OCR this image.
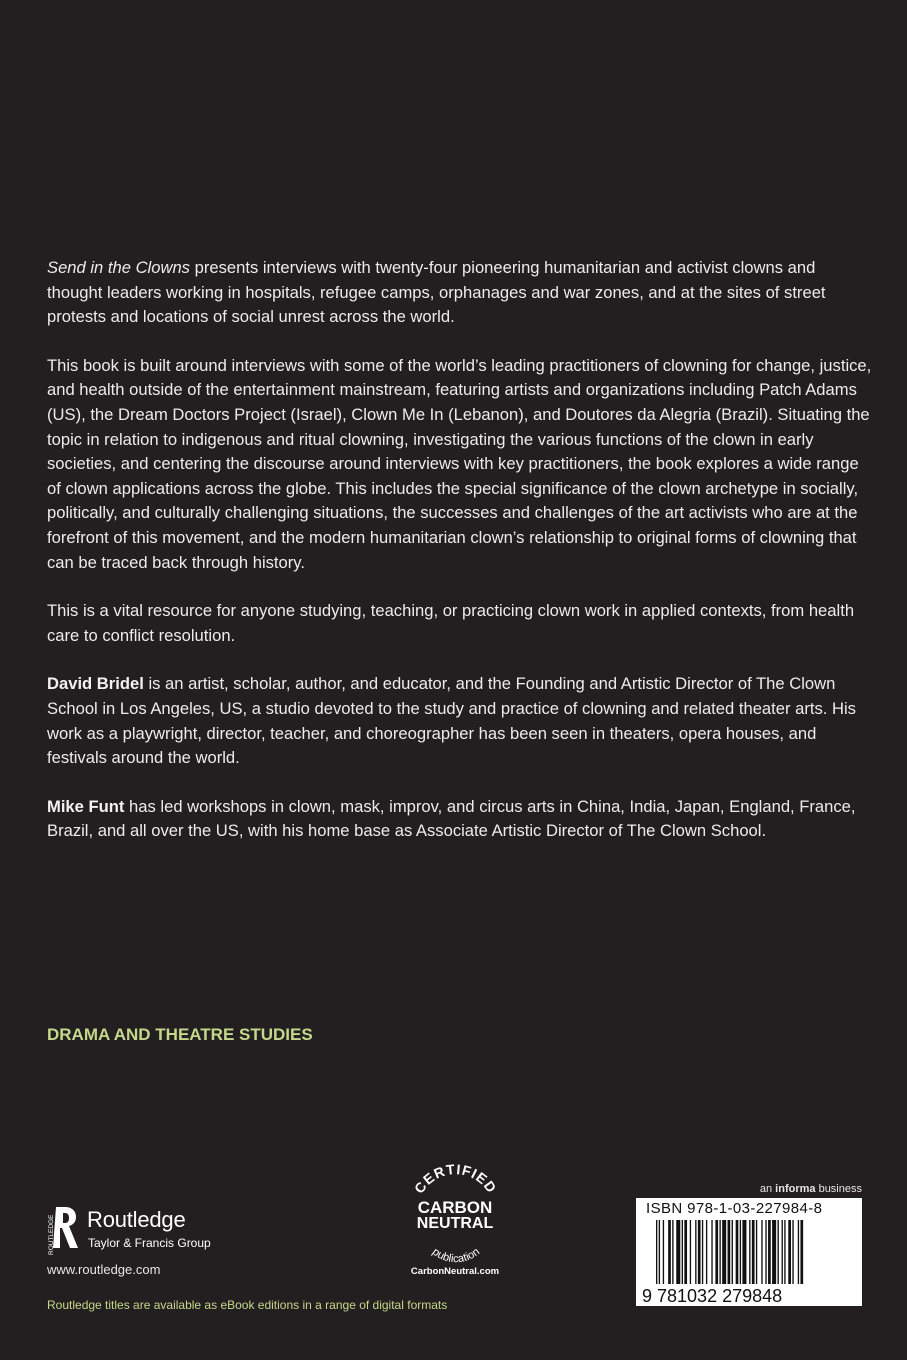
Send in the Clowns presents interviews with twenty-four pioneering humanitarian and activist clowns and thought leaders working in hospitals, refugee camps, orphanages and war zones, and at the sites of street protests and locations of social unrest across the world.

This book is built around interviews with some of the world’s leading practitioners of clowning for change, justice, and health outside of the entertainment mainstream, featuring artists and organizations including Patch Adams (US), the Dream Doctors Project (Israel), Clown Me In (Lebanon), and Doutores da Alegria (Brazil). Situating the topic in relation to indigenous and ritual clowning, investigating the various functions of the clown in early societies, and centering the discourse around interviews with key practitioners, the book explores a wide range of clown applications across the globe. This includes the special significance of the clown archetype in socially, politically, and culturally challenging situations, the successes and challenges of the art activists who are at the forefront of this movement, and the modern humanitarian clown’s relationship to original forms of clowning that can be traced back through history.

This is a vital resource for anyone studying, teaching, or practicing clown work in applied contexts, from health care to conflict resolution.

David Bridel is an artist, scholar, author, and educator, and the Founding and Artistic Director of The Clown School in Los Angeles, US, a studio devoted to the study and practice of clowning and related theater arts. His work as a playwright, director, teacher, and choreographer has been seen in theaters, opera houses, and festivals around the world.

Mike Funt has led workshops in clown, mask, improv, and circus arts in China, India, Japan, England, France, Brazil, and all over the US, with his home base as Associate Artistic Director of The Clown School.

DRAMA AND THEATRE STUDIES
ROUTLEDGE Routledge
Taylor & Francis Group
www.routledge.com
Routledge titles are available as eBook editions in a range of digital formats
CERTIFIED
CARBON
NEUTRAL
publication
CarbonNeutral.com
an informa business
ISBN 978-1-03-227984-8
9 781032 279848
